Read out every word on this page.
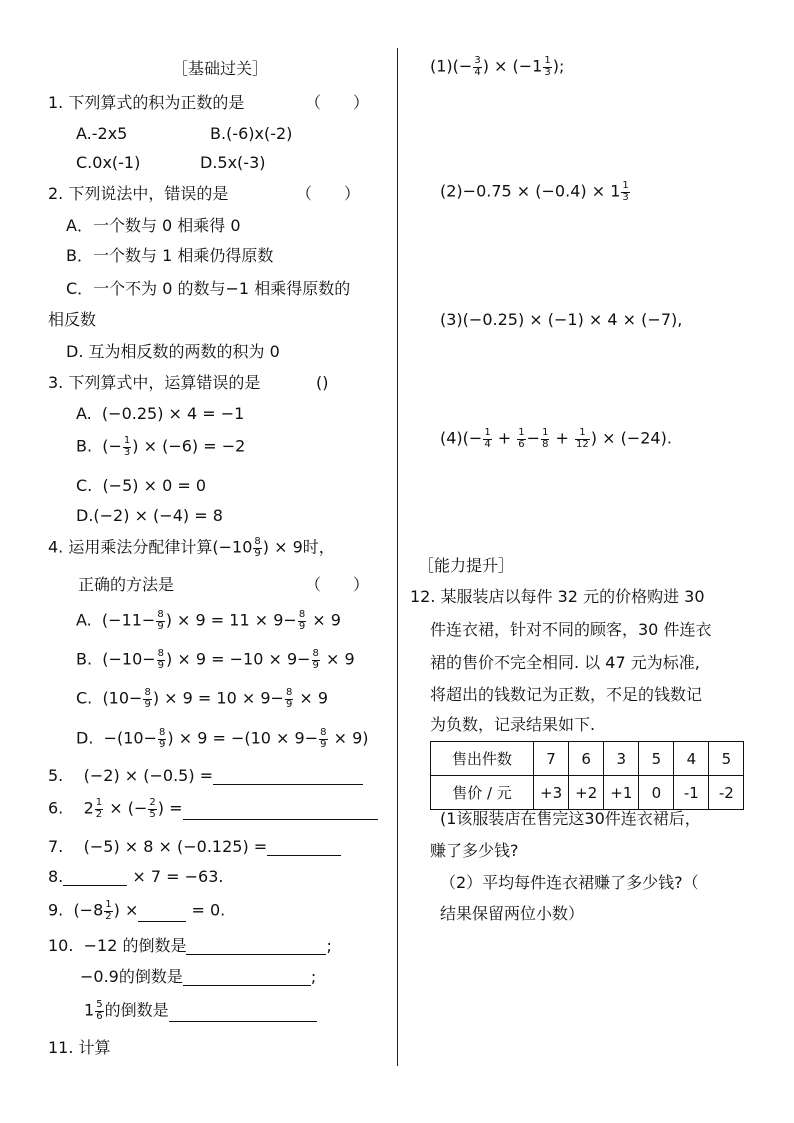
［基础过关］
1. 下列算式的积为正数的是	（　　）
A.-2x5	B.(-6)x(-2)
C.0x(-1)	D.5x(-3)
2. 下列说法中，错误的是	（　　）
A．一个数与 0 相乘得 0
B．一个数与 1 相乘仍得原数
C．一个不为 0 的数与−1 相乘得原数的
相反数
D. 互为相反数的两数的积为 0
3. 下列算式中，运算错误的是	()
A. (−0.25) × 4 = −1
B. (− $\frac{1}{3}$ ) × (−6) = −2
C. (−5) × 0 = 0
D.(−2) × (−4) = 8
4. 运用乘法分配律计算($-10 \frac{8}{9}$ ) × 9时，
正确的方法是	（　　）
A. ($-11- \frac{8}{9}$ ) × $9 = 11 \times 9- \frac{8}{9} \times 9$
B. ($-10- \frac{8}{9}$ ) × $9 = -10 \times 9- \frac{8}{9} \times 9$
C. ($10- \frac{8}{9}$ ) × $9 = 10 \times 9- \frac{8}{9} \times 9$
D. $-(10- \frac{8}{9}$ ) × $9 = -(10 \times 9- \frac{8}{9} \times 9)$
5. (−2) × (−0.5) =
6. $2 \frac{1}{2}$ × (− $\frac{2}{5}$ ) =
7. (−5) × 8 × (−0.125) =
8.	× 7 = −63.
9. ($-8 \frac{1}{2}$ ) ×	= 0.
10. −12 的倒数是	;
−0.9的倒数是	;
$1 \frac{5}{6}$ 的倒数是
11. 计算
$(1)(- \frac{3}{4}$ ) × ($-1 \frac{1}{3}$ );
$(2)-0.75 \times (-0.4) \times 1 \frac{1}{3}$
(3)(−0.25) × (−1) × 4 × (−7),
$(4)(- \frac{1}{4} + \frac{1}{6} - \frac{1}{8} + \frac{1}{12}$ ) × (−24).
［能力提升］
12. 某服装店以每件 32 元的价格购进 30
件连衣裙，针对不同的顾客，30 件连衣
裙的售价不完全相同. 以 47 元为标准,
将超出的钱数记为正数，不足的钱数记
为负数，记录结果如下.
售出件数	7	6	3	5	4	5
售价 / 元	+3	+2	+1	0	-1	-2
(1该服装店在售完这30件连衣裙后，
赚了多少钱?
（2）平均每件连衣裙赚了多少钱?（
结果保留两位小数）
